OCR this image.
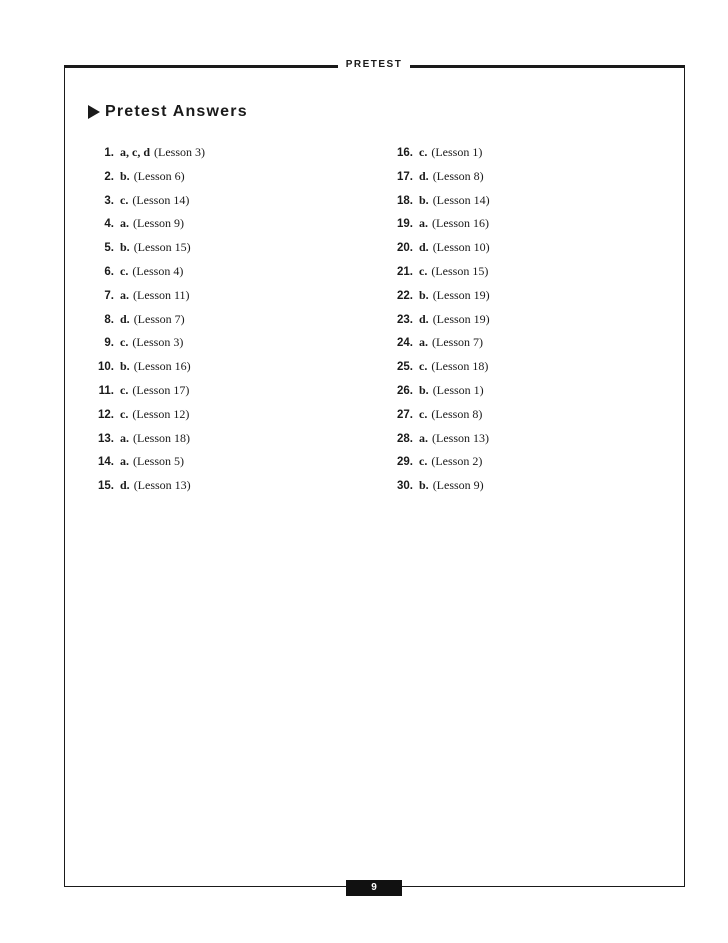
PRETEST
Pretest Answers
1. a, c, d (Lesson 3)
2. b. (Lesson 6)
3. c. (Lesson 14)
4. a. (Lesson 9)
5. b. (Lesson 15)
6. c. (Lesson 4)
7. a. (Lesson 11)
8. d. (Lesson 7)
9. c. (Lesson 3)
10. b. (Lesson 16)
11. c. (Lesson 17)
12. c. (Lesson 12)
13. a. (Lesson 18)
14. a. (Lesson 5)
15. d. (Lesson 13)
16. c. (Lesson 1)
17. d. (Lesson 8)
18. b. (Lesson 14)
19. a. (Lesson 16)
20. d. (Lesson 10)
21. c. (Lesson 15)
22. b. (Lesson 19)
23. d. (Lesson 19)
24. a. (Lesson 7)
25. c. (Lesson 18)
26. b. (Lesson 1)
27. c. (Lesson 8)
28. a. (Lesson 13)
29. c. (Lesson 2)
30. b. (Lesson 9)
9
